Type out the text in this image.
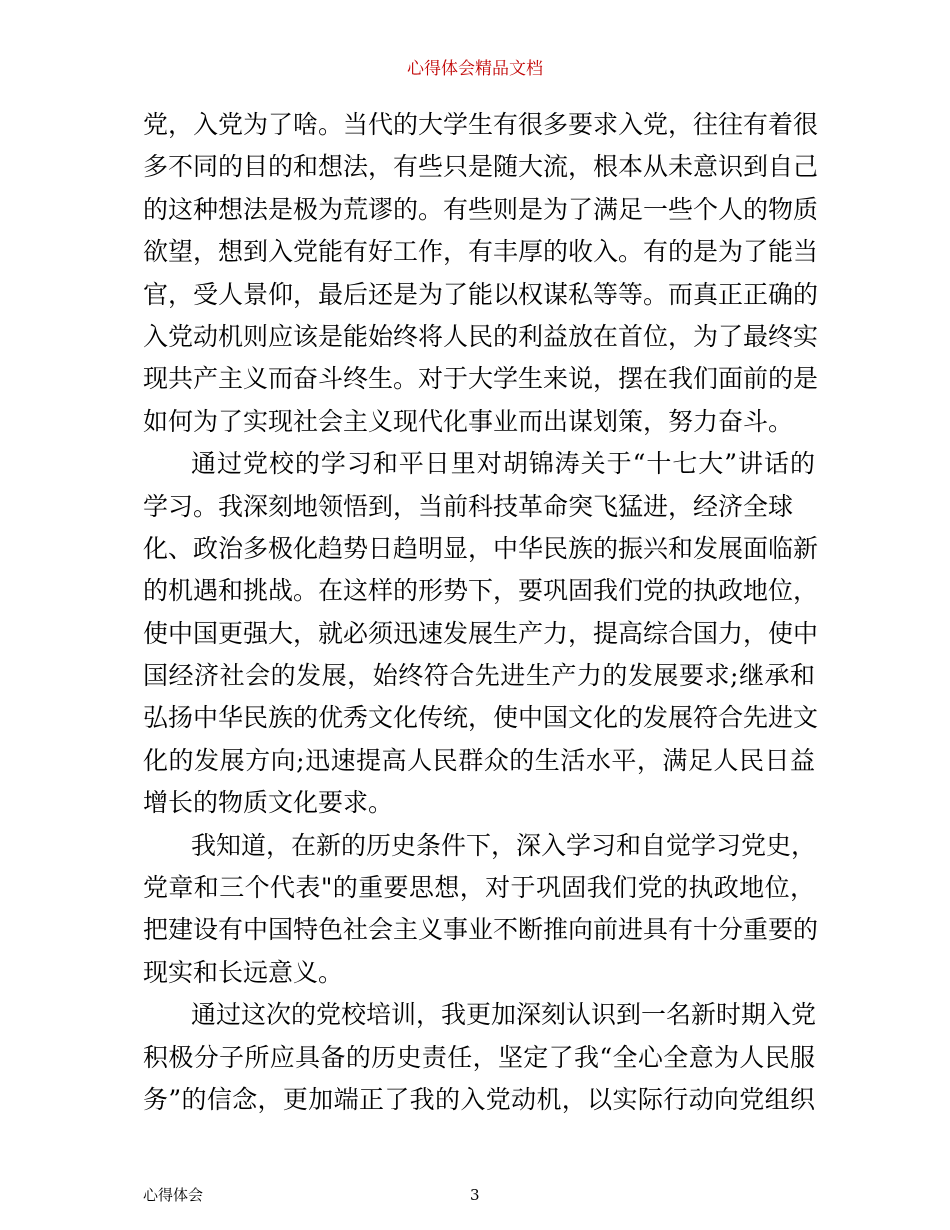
心得体会精品文档
党，入党为了啥。当代的大学生有很多要求入党，往往有着很
多不同的目的和想法，有些只是随大流，根本从未意识到自己
的这种想法是极为荒谬的。有些则是为了满足一些个人的物质
欲望，想到入党能有好工作，有丰厚的收入。有的是为了能当
官，受人景仰，最后还是为了能以权谋私等等。而真正正确的
入党动机则应该是能始终将人民的利益放在首位，为了最终实
现共产主义而奋斗终生。对于大学生来说，摆在我们面前的是
如何为了实现社会主义现代化事业而出谋划策，努力奋斗。
通过党校的学习和平日里对胡锦涛关于“十七大”讲话的
学习。我深刻地领悟到，当前科技革命突飞猛进，经济全球
化、政治多极化趋势日趋明显，中华民族的振兴和发展面临新
的机遇和挑战。在这样的形势下，要巩固我们党的执政地位，
使中国更强大，就必须迅速发展生产力，提高综合国力，使中
国经济社会的发展，始终符合先进生产力的发展要求;继承和
弘扬中华民族的优秀文化传统，使中国文化的发展符合先进文
化的发展方向;迅速提高人民群众的生活水平，满足人民日益
增长的物质文化要求。
我知道，在新的历史条件下，深入学习和自觉学习党史，
党章和三个代表"的重要思想，对于巩固我们党的执政地位，
把建设有中国特色社会主义事业不断推向前进具有十分重要的
现实和长远意义。
通过这次的党校培训，我更加深刻认识到一名新时期入党
积极分子所应具备的历史责任，坚定了我“全心全意为人民服
务”的信念，更加端正了我的入党动机，以实际行动向党组织
心得体会	3
